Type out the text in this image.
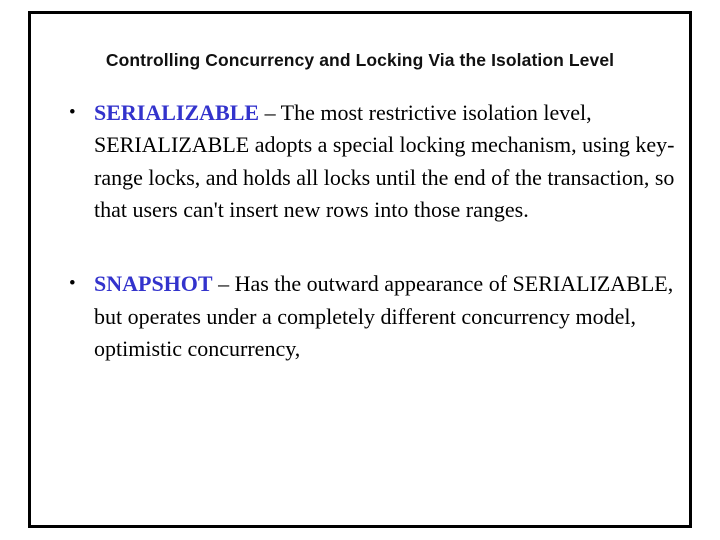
Controlling Concurrency and Locking Via the Isolation Level
• SERIALIZABLE – The most restrictive isolation level, SERIALIZABLE adopts a special locking mechanism, using key-range locks, and holds all locks until the end of the transaction, so that users can't insert new rows into those ranges.
• SNAPSHOT – Has the outward appearance of SERIALIZABLE, but operates under a completely different concurrency model, optimistic concurrency,
